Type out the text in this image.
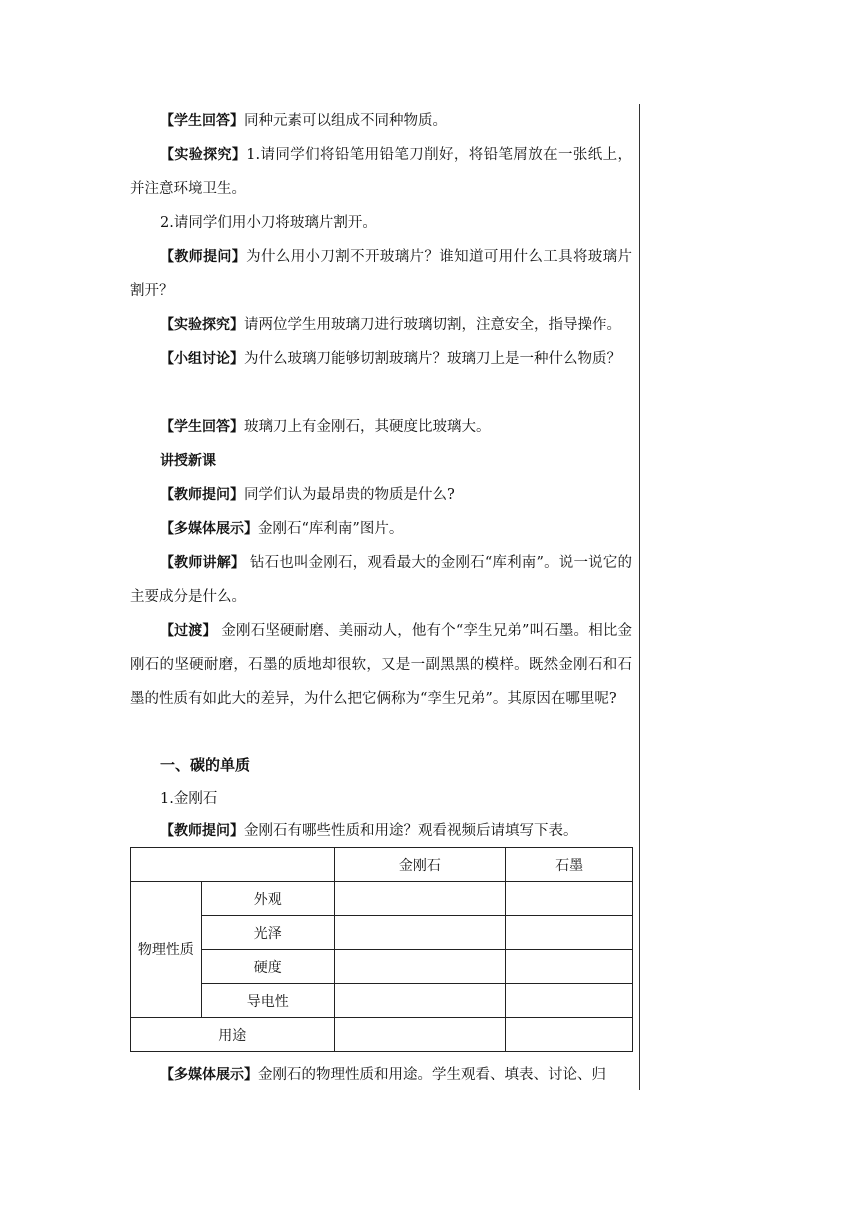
【学生回答】同种元素可以组成不同种物质。

【实验探究】1.请同学们将铅笔用铅笔刀削好，将铅笔屑放在一张纸上，并注意环境卫生。

2.请同学们用小刀将玻璃片割开。

【教师提问】为什么用小刀割不开玻璃片？谁知道可用什么工具将玻璃片割开？

【实验探究】请两位学生用玻璃刀进行玻璃切割，注意安全，指导操作。

【小组讨论】为什么玻璃刀能够切割玻璃片？玻璃刀上是一种什么物质？

【学生回答】玻璃刀上有金刚石，其硬度比玻璃大。

讲授新课

【教师提问】同学们认为最昂贵的物质是什么?

【多媒体展示】金刚石“库利南”图片。

【教师讲解】 钻石也叫金刚石，观看最大的金刚石“库利南”。说一说它的主要成分是什么。

【过渡】 金刚石坚硬耐磨、美丽动人，他有个“孪生兄弟”叫石墨。相比金刚石的坚硬耐磨，石墨的质地却很软，又是一副黑黑的模样。既然金刚石和石墨的性质有如此大的差异，为什么把它俩称为“孪生兄弟”。其原因在哪里呢?

一、碳的单质

1.金刚石

【教师提问】金刚石有哪些性质和用途？观看视频后请填写下表。

		金刚石	石墨
物理性质	外观		
	光泽		
	硬度		
	导电性		
用途			

【多媒体展示】金刚石的物理性质和用途。学生观看、填表、讨论、归
